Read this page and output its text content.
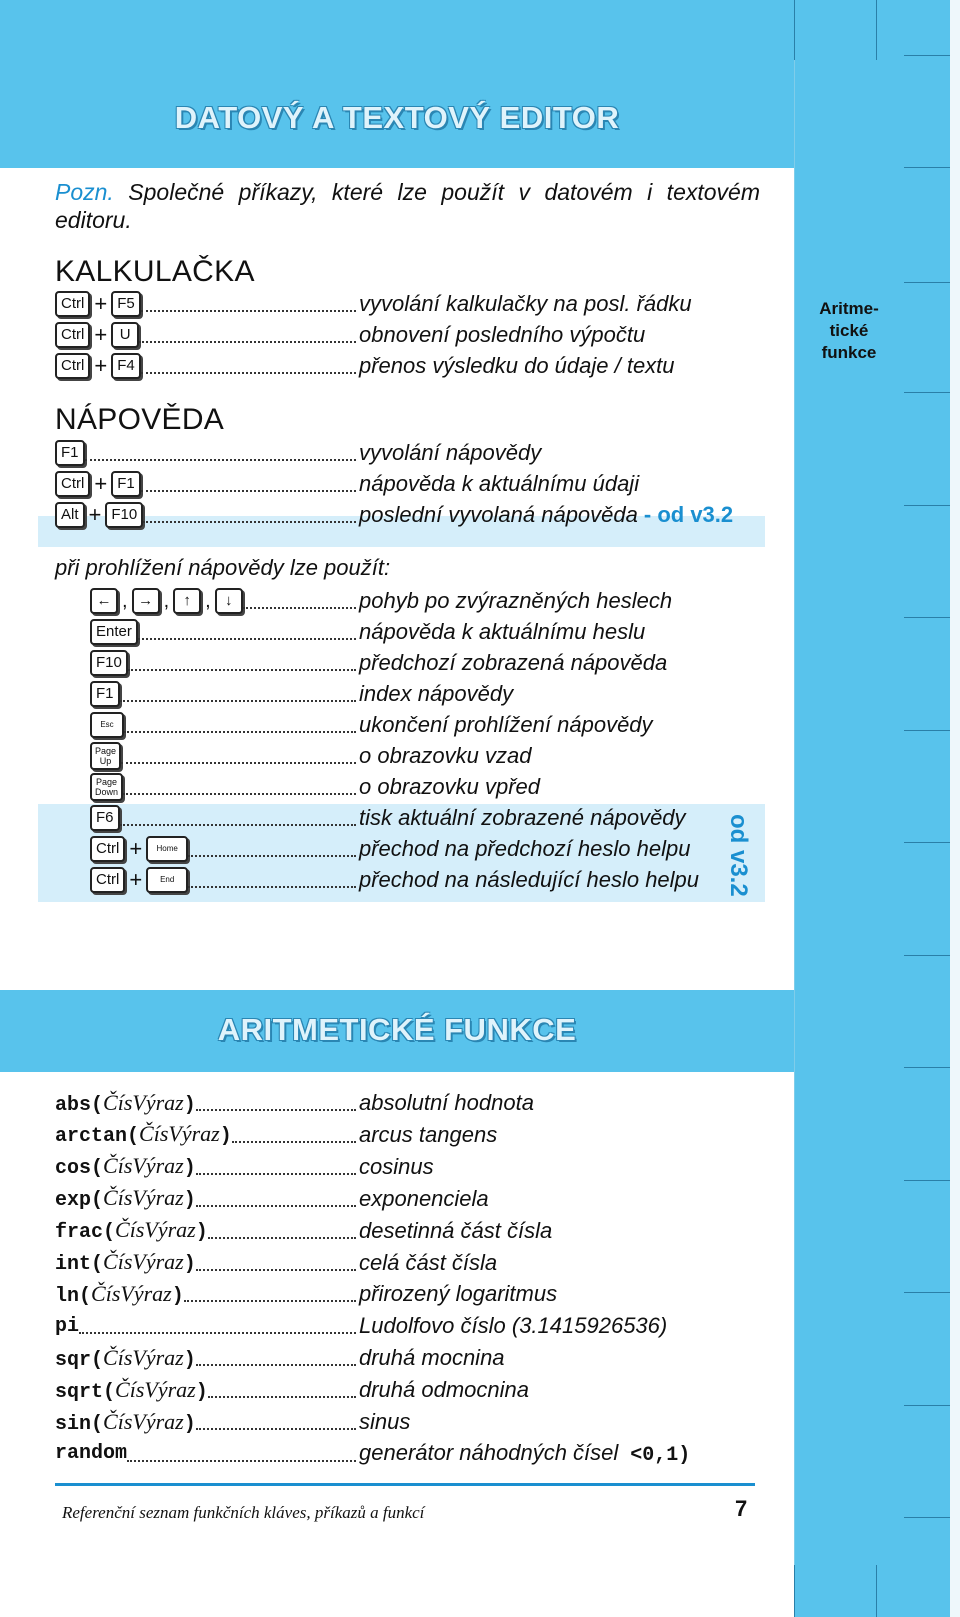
Aritme-
tické
funkce
DATOVÝ A TEXTOVÝ EDITOR
Pozn. Společné příkazy, které lze použít v datovém i textovém editoru.
KALKULAČKA
Ctrl + F5	vyvolání kalkulačky na posl. řádku
Ctrl + U	obnovení posledního výpočtu
Ctrl + F4	přenos výsledku do údaje / textu
NÁPOVĚDA
F1	vyvolání nápovědy
Ctrl + F1	nápověda k aktuálnímu údaji
Alt + F10	poslední vyvolaná nápověda - od v3.2
při prohlížení nápovědy lze použít:
← , → , ↑ , ↓	pohyb po zvýrazněných heslech
Enter	nápověda k aktuálnímu heslu
F10	předchozí zobrazená nápověda
F1	index nápovědy
Esc	ukončení prohlížení nápovědy
Page
Up	o obrazovku vzad
Page
Down	o obrazovku vpřed
F6	tisk aktuální zobrazené nápovědy
Ctrl +	Home	přechod na předchozí heslo helpu
Ctrl +	End	přechod na následující heslo helpu	od v3.2
ARITMETICKÉ FUNKCE
abs(ČísVýraz)	absolutní hodnota
arctan(ČísVýraz)	arcus tangens
cos(ČísVýraz)	cosinus
exp(ČísVýraz)	exponenciela
frac(ČísVýraz)	desetinná část čísla
int(ČísVýraz)	celá část čísla
ln(ČísVýraz)	přirozený logaritmus
pi	Ludolfovo číslo (3.1415926536)
sqr(ČísVýraz)	druhá mocnina
sqrt(ČísVýraz)	druhá odmocnina
sin(ČísVýraz)	sinus
random	generátor náhodných čísel <0,1)
Referenční seznam funkčních kláves, příkazů a funkcí	7
